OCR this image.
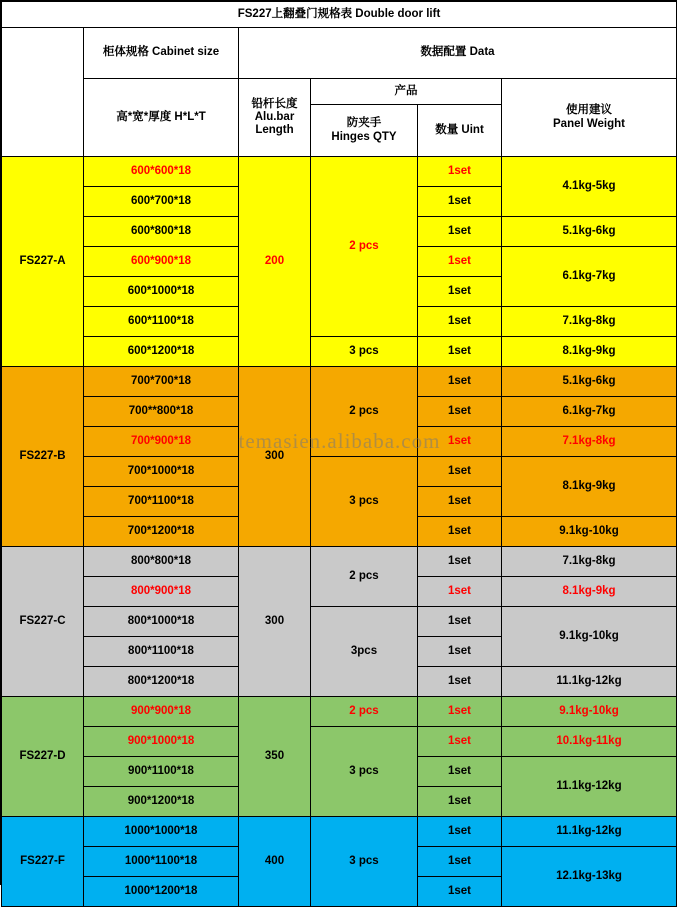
FS227上翻叠门规格表 Double door lift					
	柜体规格 Cabinet size	数据配置 Data			
	高*宽*厚度 H*L*T	铅杆长度
Alu.bar
Length	产品		使用建议
Panel Weight
			防夹手
Hinges QTY	数量 Uint	
FS227-A	600*600*18	200	2 pcs	1set	4.1kg-5kg
	600*700*18			1set	
	600*800*18			1set	5.1kg-6kg
	600*900*18			1set	6.1kg-7kg
	600*1000*18			1set	
	600*1100*18			1set	7.1kg-8kg
	600*1200*18		3 pcs	1set	8.1kg-9kg
FS227-B	700*700*18	300	2 pcs	1set	5.1kg-6kg
	700**800*18			1set	6.1kg-7kg
	700*900*18			1set	7.1kg-8kg
	700*1000*18		3 pcs	1set	8.1kg-9kg
	700*1100*18			1set	
	700*1200*18			1set	9.1kg-10kg
FS227-C	800*800*18	300	2 pcs	1set	7.1kg-8kg
	800*900*18			1set	8.1kg-9kg
	800*1000*18		3pcs	1set	9.1kg-10kg
	800*1100*18			1set	
	800*1200*18			1set	11.1kg-12kg
FS227-D	900*900*18	350	2 pcs	1set	9.1kg-10kg
	900*1000*18		3 pcs	1set	10.1kg-11kg
	900*1100*18			1set	11.1kg-12kg
	900*1200*18			1set	
FS227-F	1000*1000*18	400	3 pcs	1set	11.1kg-12kg
	1000*1100*18			1set	12.1kg-13kg
	1000*1200*18			1set	
temasien.alibaba.com
